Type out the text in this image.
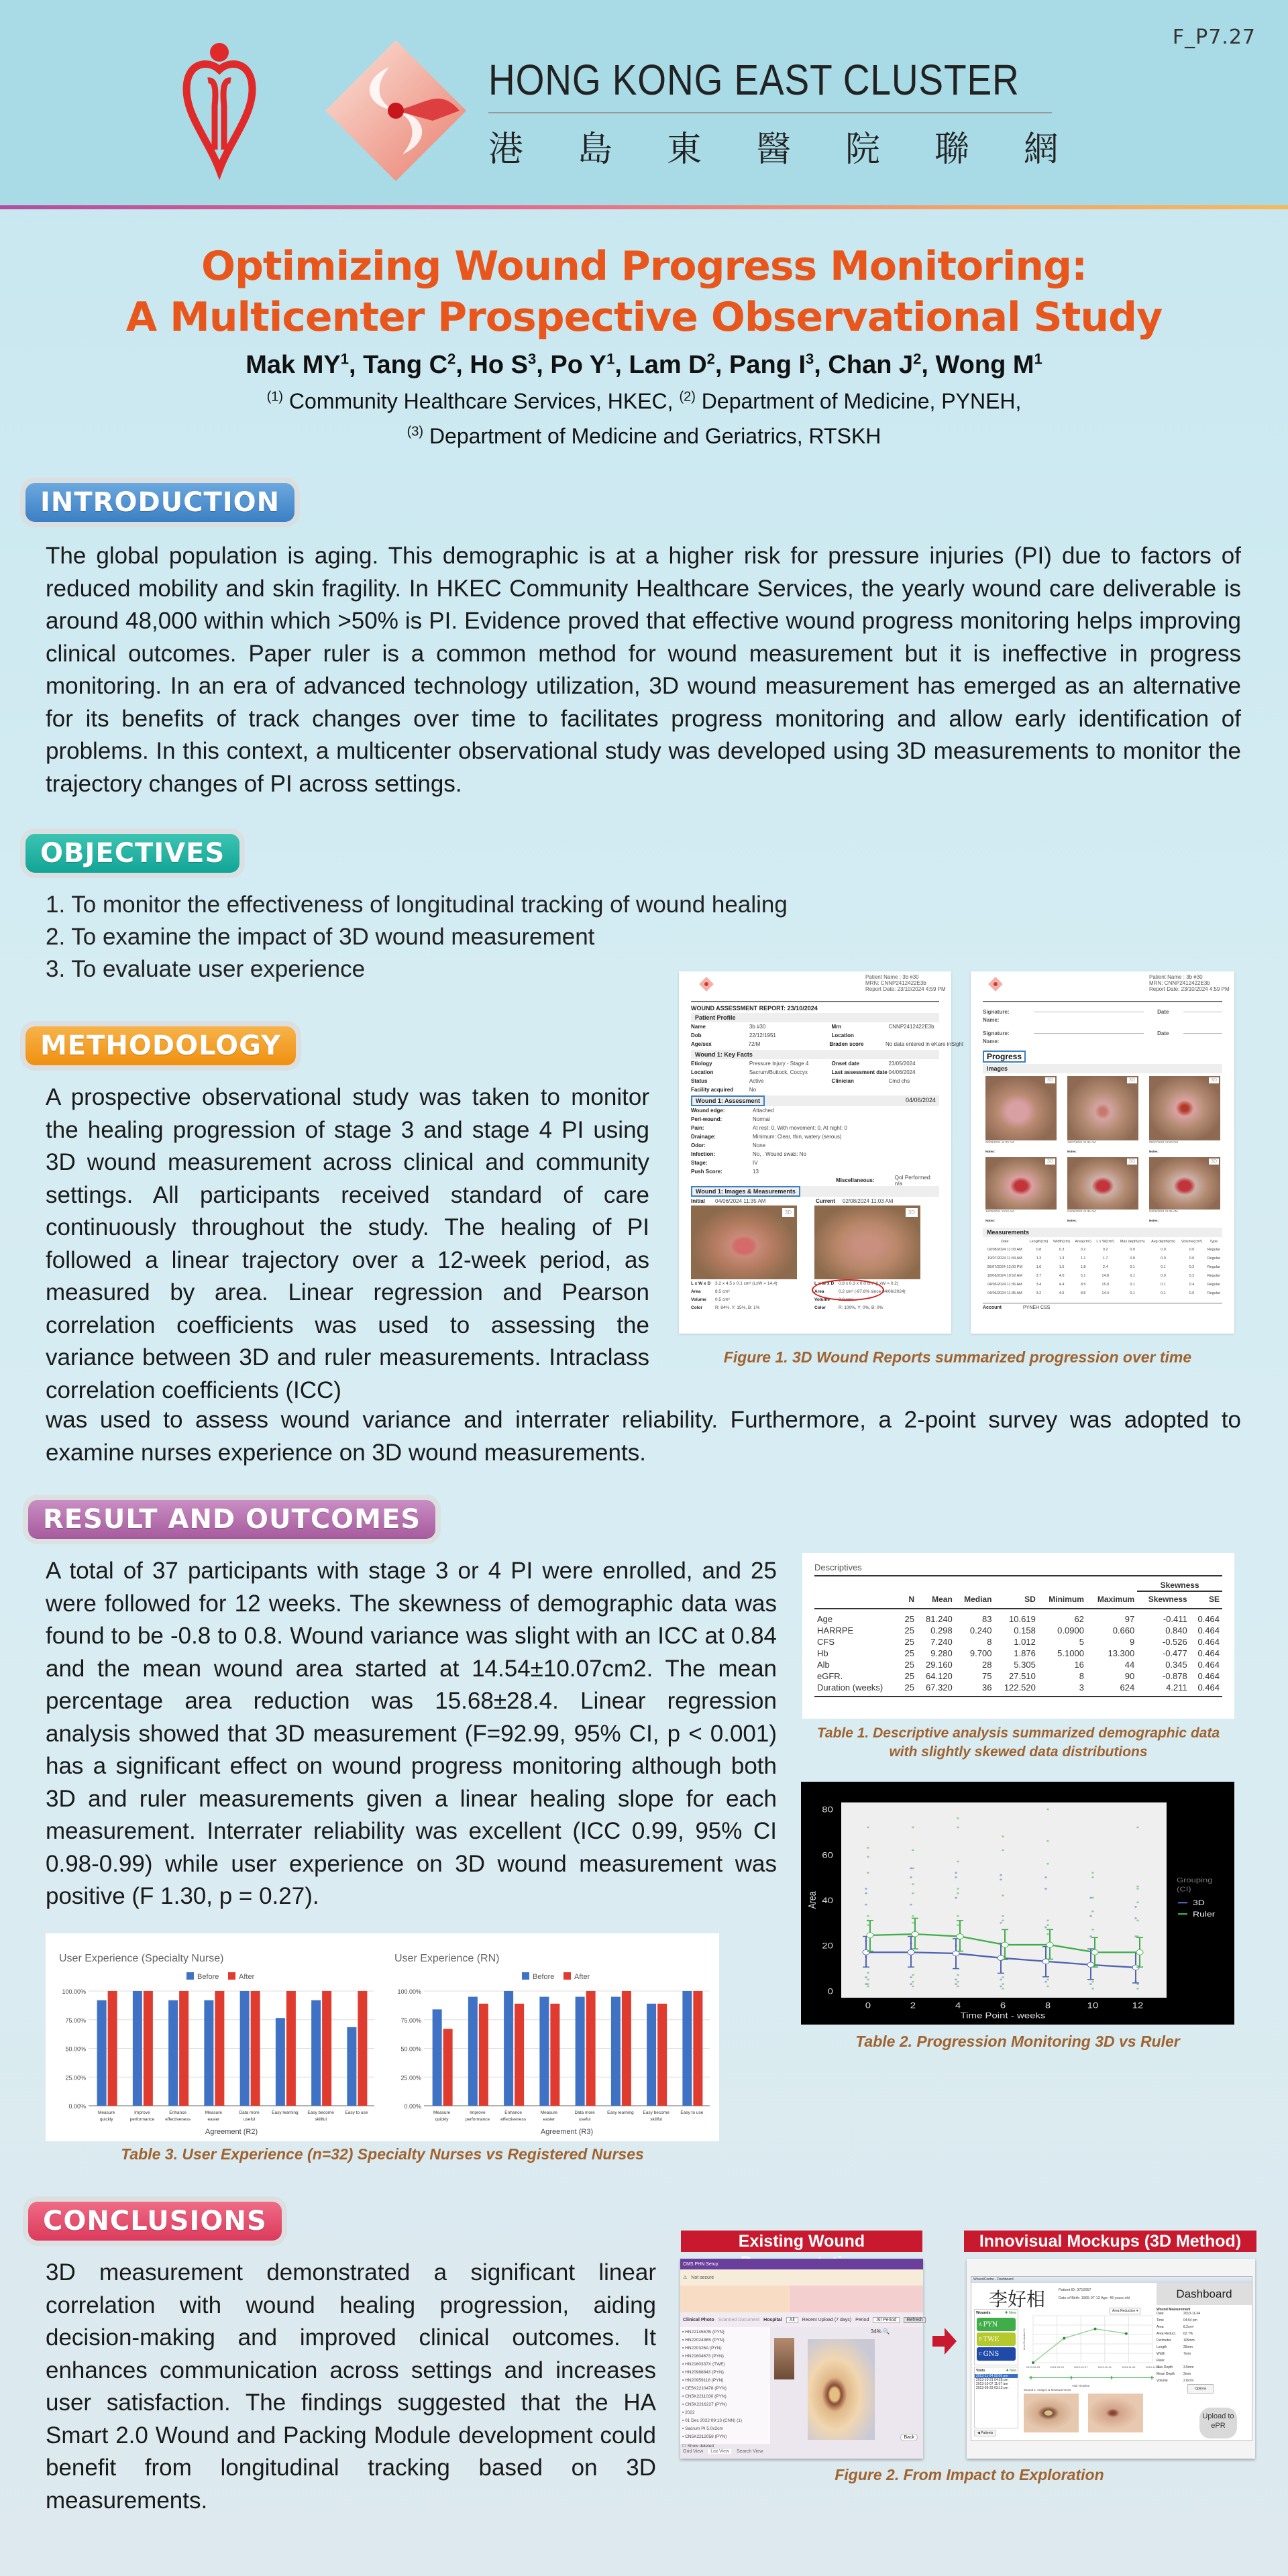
F_P7.27
HONG KONG EAST CLUSTER
港 島 東 醫 院 聯 網
Optimizing Wound Progress Monitoring:
A Multicenter Prospective Observational Study
Mak $MY^1$, Tang $C^2$, Ho $S^3$, Po $Y^1$, Lam $D^2$, Pang $I^3$, Chan $J^2$, Wong $M^1$
$^{(1)}$ Community Healthcare Services, HKEC, $^{(2)}$ Department of Medicine, PYNEH,
$^{(3)}$ Department of Medicine and Geriatrics, RTSKH
INTRODUCTION
The global population is aging. This demographic is at a higher risk for pressure injuries (PI) due to factors of reduced mobility and skin fragility. In HKEC Community Healthcare Services, the yearly wound care deliverable is around 48,000 within which >50% is PI. Evidence proved that effective wound progress monitoring helps improving clinical outcomes. Paper ruler is a common method for wound measurement but it is ineffective in progress monitoring. In an era of advanced technology utilization, 3D wound measurement has emerged as an alternative for its benefits of track changes over time to facilitates progress monitoring and allow early identification of problems. In this context, a multicenter observational study was developed using 3D measurements to monitor the trajectory changes of PI across settings.
OBJECTIVES
1. To monitor the effectiveness of longitudinal tracking of wound healing
2. To examine the impact of 3D wound measurement
3. To evaluate user experience
METHODOLOGY
A prospective observational study was taken to monitor the healing progression of stage 3 and stage 4 PI using 3D wound measurement across clinical and community settings. All participants received standard of care continuously throughout the study. The healing of PI followed a linear trajectory over a 12-week period, as measured by area. Linear regression and Pearson correlation coefficients was used to assessing the variance between 3D and ruler measurements. Intraclass correlation coefficients (ICC)
was used to assess wound variance and interrater reliability. Furthermore, a 2-point survey was adopted to examine nurses experience on 3D wound measurements.
Patient Name : 3b #30
MRN: CNNP2412422E3b
Report Date: 23/10/2024 4:59 PM
WOUND ASSESSMENT REPORT: 23/10/2024
Patient Profile
Name	3b #30	Mrn	CNNP2412422E3b
Dob	22/12/1951	Location
Age/sex	72/M	Braden score	No data entered in eKare inSight
Wound 1: Key Facts
Etiology	Pressure Injury - Stage 4	Onset date	23/05/2024
Location	Sacrum/Buttock, Coccyx	Last assessment date 04/06/2024
Status	Active	Clinician	Cmd chs
Facility acquired	No
Wound 1: Assessment	04/06/2024
Wound edge:	Attached
Peri-wound:	Normal
Pain:	At rest: 0, With movement: 0, At night: 0
Drainage:	Minimum: Clear, thin, watery (serous)
Odor:	None
Infection:	No, . Wound swab: No
Stage:	IV
Push Score:	13
Miscellaneous:	QoI Performed: n/a
Wound 1: Images & Measurements
Initial	04/06/2024 11:35 AM	Current	02/08/2024 11:03 AM
3D	3D
L x W x D	3.2 x 4.5 x 0.1 cm³ (LxW = 14.4)
Area	8.5 cm²
Volume	0.5 cm³
Color	R: 84%, Y: 15%, B: 1%
L x W x D	0.8 x 0.3 x 0.0 cm³ (LxW = 0.2)
Area	0.2 cm² (-97.8% since 04/06/2024)
Volume	0.0 cm³
Color	R: 100%, Y: 0%, B: 0%
Patient Name : 3b #30
MRN: CNNP2412422E3b
Report Date: 23/10/2024 4:59 PM
Signature:	Date
Name:
Signature:	Date
Name:
Progress
Images
3D
02/08/2024 11:03 AM
Notes:
3D
19/07/2024 11:34 AM
Notes:
3D
05/07/2024 12:00 PM
Notes:
3D
18/06/2024 10:52 AM
Notes:
3D
04/06/2024 11:36 AM
Notes:
3D
04/06/2024 11:35 AM
Notes:
Measurements
Date	Length(cm)	Width(cm)	Area(cm²)	L x W(cm²)	Max depth(cm)	Avg depth(cm)	Volume(cm³)	Type
02/08/2024 11:03 AM	0.8	0.3	0.2	0.2	0.0	0.0	0.0	Regular
19/07/2024 11:34 AM	1.3	1.3	1.1	1.7	0.0	0.0	0.0	Regular
05/07/2024 12:00 PM	1.6	1.5	1.8	2.4	0.1	0.1	0.2	Regular
18/06/2024 10:52 AM	3.7	4.0	5.1	14.8	0.1	0.0	0.2	Regular
04/06/2024 11:36 AM	3.4	4.4	8.5	15.0	0.1	0.1	0.4	Regular
04/06/2024 11:35 AM	3.2	4.5	8.5	14.4	0.1	0.1	0.5	Regular
Account	PYNEH CSS
Figure 1. 3D Wound Reports summarized progression over time
RESULT AND OUTCOMES
A total of 37 participants with stage 3 or 4 PI were enrolled, and 25 were followed for 12 weeks. The skewness of demographic data was found to be -0.8 to 0.8. Wound variance was slight with an ICC at 0.84 and the mean wound area started at 14.54±10.07cm2. The mean percentage area reduction was 15.68±28.4. Linear regression analysis showed that 3D measurement (F=92.99, 95% CI, p < 0.001) has a significant effect on wound progress monitoring although both 3D and ruler measurements given a linear healing slope for each measurement. Interrater reliability was excellent (ICC 0.99, 95% CI 0.98-0.99) while user experience on 3D wound measurement was positive (F 1.30, p = 0.27).
Descriptives
							Skewness	
	N	Mean	Median	SD	Minimum	Maximum	Skewness	SE
Age	25	81.240	83	10.619	62	97	-0.411	0.464
HARRPE	25	0.298	0.240	0.158	0.0900	0.660	0.840	0.464
CFS	25	7.240	8	1.012	5	9	-0.526	0.464
Hb	25	9.280	9.700	1.876	5.1000	13.300	-0.477	0.464
Alb	25	29.160	28	5.305	16	44	0.345	0.464
eGFR.	25	64.120	75	27.510	8	90	-0.878	0.464
Duration (weeks)	25	67.320	36	122.520	3	624	4.211	0.464
Table 1. Descriptive analysis summarized demographic data with slightly skewed data distributions
0
20
40
60
80
0	2	4	6	8	10	12
Time Point - weeks
Area
Grouping
(CI)
3D
Ruler
Table 2. Progression Monitoring 3D vs Ruler
User Experience (Specialty Nurse)
Before	After
0.00%
25.00%
50.00%
75.00%
100.00%
Measure
quickly
Improve
performance
Enhance
effectiveness
Measure
easier
Data more
useful
Easy learning Easy become
skillful
Easy to use
Agreement (R2)
User Experience (RN)
Before	After
0.00%
25.00%
50.00%
75.00%
100.00%
Measure
quickly
Improve
performance
Enhance
effectiveness
Measure
easier
Data more
useful
Easy learning Easy become
skillful
Easy to use
Agreement (R3)
Table 3. User Experience (n=32) Specialty Nurses vs Registered Nurses
CONCLUSIONS
3D measurement demonstrated a significant linear correlation with wound healing progression, aiding decision-making and improved clinical outcomes. It enhances communication across settings and increases user satisfaction. The findings suggested that the HA Smart 2.0 Wound and Packing Module development could benefit from longitudinal tracking based on 3D measurements.
Existing Wound	Innovisual Mockups (3D Method)
CMS PHN Setup
⚠ Not secure
Clinical Photo Scanned Document Hospital	All	Recent Upload (7 days) Period	All Period	Refresh
▪ HN2214557B (PYN)
▪ HN2202436S (PYN)
▪ HN220326A (PYN)
▪ HN21604673 (PYN)
▪ HN2160337X (TWE)
▪ HN20988843 (PYN)
▪ HN20959118 (PYN)
▪ CE5K2210478 (PYN)
▪ CN5K2211030 (PYN)
▪ CN5K2216227 (PYN)
▪ 2022
▪ 01 Dec 2022 09:13 (CNN) (1)
▪ Sacrum PI 5.0x2cm
▪ CN5K2212058 (PYN)
☐ Show deleted
34% 🔍
Back
Grid View	List View	Search View
WoundCentre - Dashboard
李好相	Patient ID: 9710057
Date of Birth: 1965-07-13 Age: 48 years old	Dashboard
Wounds	✚ New
A PYN
B TWE
C GNS
Visits	✚ New
2013-11-04 02:06 pm
2013-10-21 04:28 pm
2013-10-07 11:07 am
2013-09-23 03:13 pm
◀ Patients
2013-09-09	2013-09-23	2013-10-07	2013-10-21	2013-11-04	2013-11-18
Area Reduction %
Area Reduction ▾
✚	✚	✚	✚
Visit Timeline
Wound Measurement
Date	2013-11-04
Time	04:54 pm
Area	8.2cm²
Area Reduct.	62.7%
Perimeter	105mm
Length	25mm
Width	7mm
Ruler
Max Depth	3.5mm
Mean Depth	2mm
Volume	2.6cm³
Wound 1: Images & Measurements	Options
Upload to ePR
Figure 2. From Impact to Exploration
